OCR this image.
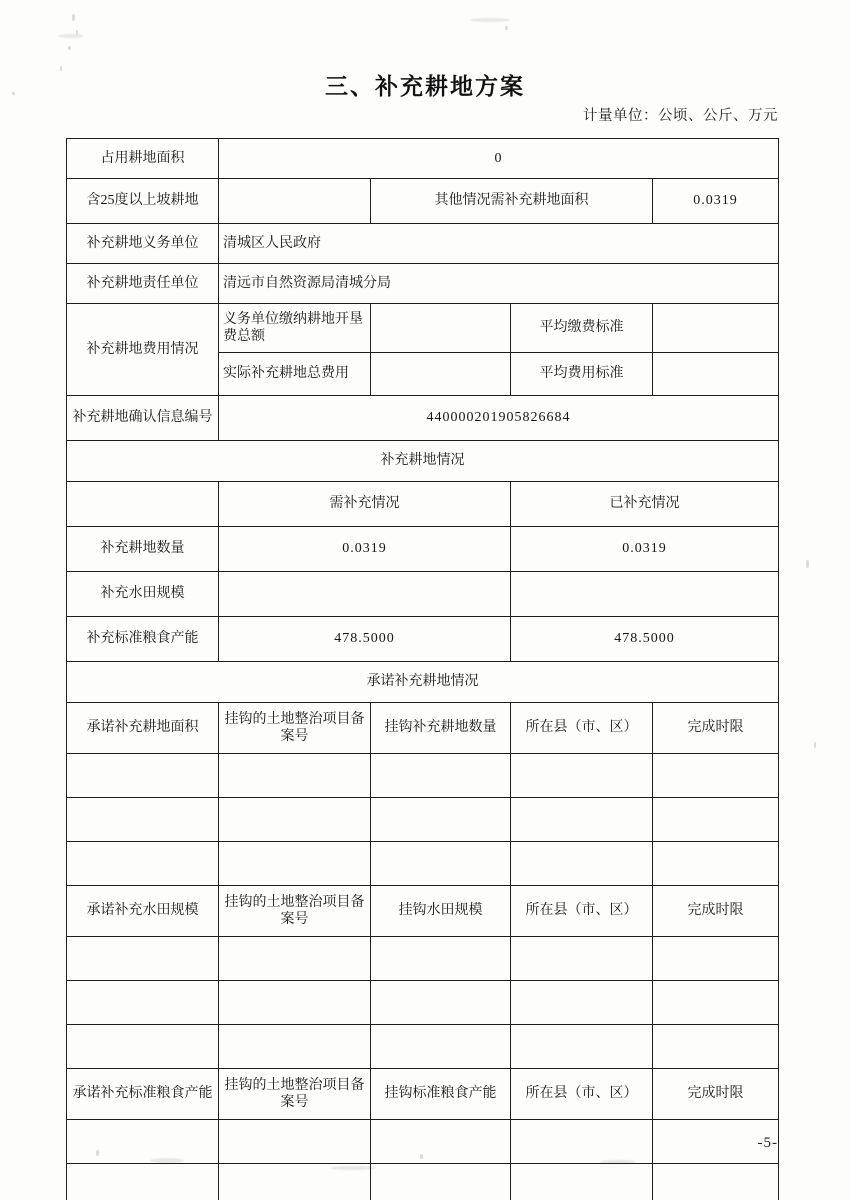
三、补充耕地方案
计量单位：公顷、公斤、万元
占用耕地面积	0			
含25度以上坡耕地		其他情况需补充耕地面积		0.0319
补充耕地义务单位	清城区人民政府			
补充耕地责任单位	清远市自然资源局清城分局			
补充耕地费用情况	义务单位缴纳耕地开垦费总额		平均缴费标准	
	实际补充耕地总费用		平均费用标准	
补充耕地确认信息编号	440000201905826684			
补充耕地情况				
	需补充情况		已补充情况	
补充耕地数量	0.0319		0.0319	
补充水田规模				
补充标准粮食产能	478.5000		478.5000	
承诺补充耕地情况				
承诺补充耕地面积	挂钩的土地整治项目备案号	挂钩补充耕地数量	所在县（市、区）	完成时限

承诺补充水田规模	挂钩的土地整治项目备案号	挂钩水田规模	所在县（市、区）	完成时限

承诺补充标准粮食产能	挂钩的土地整治项目备案号	挂钩标准粮食产能	所在县（市、区）	完成时限

-5-
